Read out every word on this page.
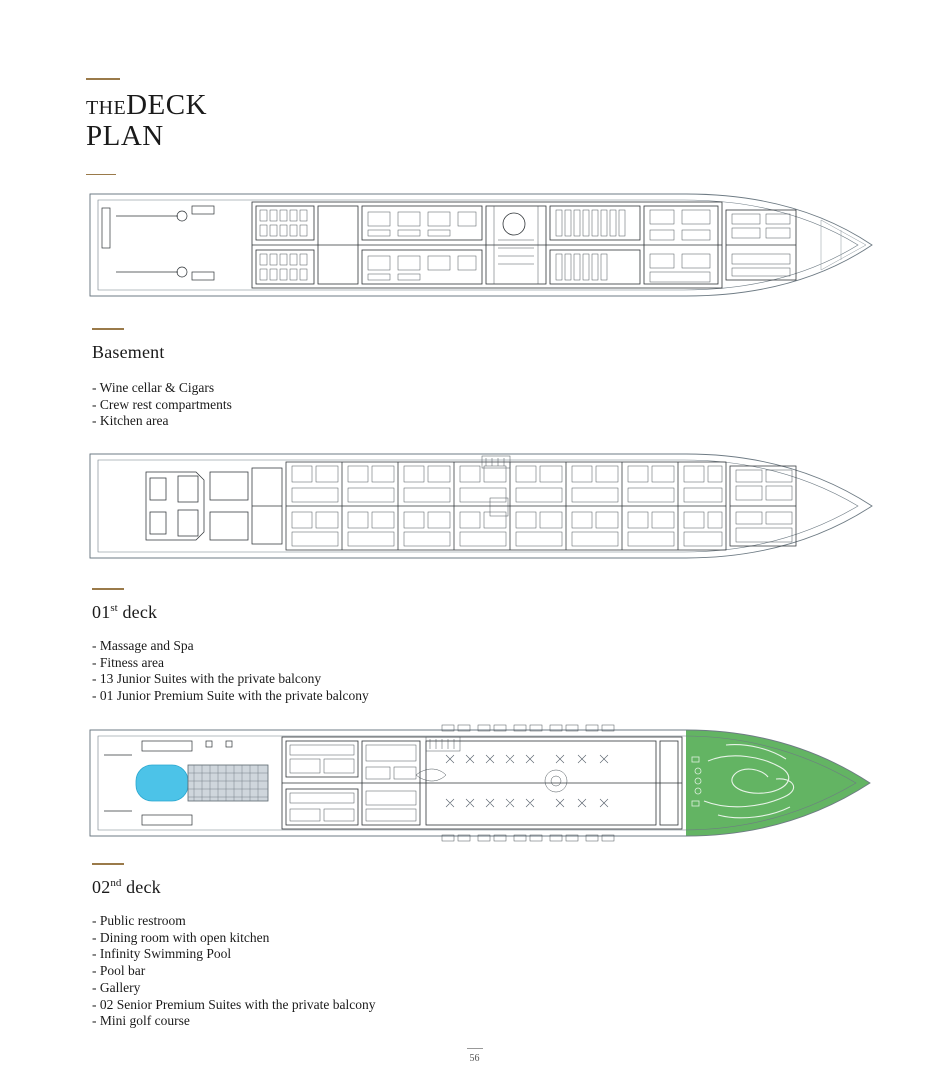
THEDECK
PLAN
Basement
- Wine cellar & Cigars
- Crew rest compartments
- Kitchen area
01st deck
- Massage and Spa
- Fitness area
- 13 Junior Suites with the private balcony
- 01 Junior Premium Suite with the private balcony
02nd deck
- Public restroom
- Dining room with open kitchen
- Infinity Swimming Pool
- Pool bar
- Gallery
- 02 Senior Premium Suites with the private balcony
- Mini golf course
56
